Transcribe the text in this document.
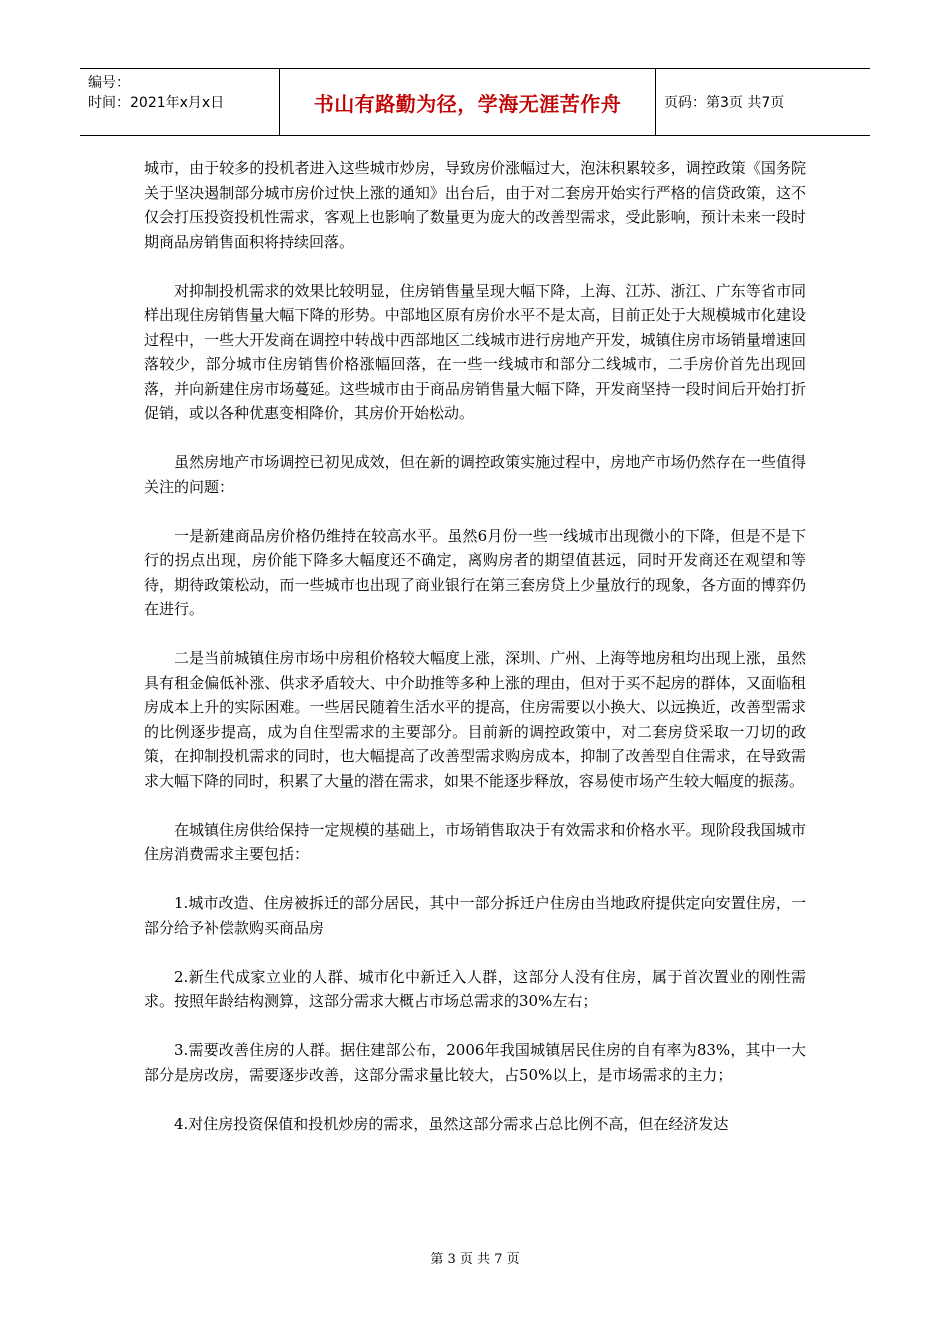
编号：
时间：2021年x月x日	书山有路勤为径，学海无涯苦作舟	页码：第3页 共7页

城市，由于较多的投机者进入这些城市炒房，导致房价涨幅过大，泡沫积累较多，调控政策《国务院关于坚决遏制部分城市房价过快上涨的通知》出台后，由于对二套房开始实行严格的信贷政策，这不仅会打压投资投机性需求，客观上也影响了数量更为庞大的改善型需求，受此影响，预计未来一段时期商品房销售面积将持续回落。

对抑制投机需求的效果比较明显，住房销售量呈现大幅下降，上海、江苏、浙江、广东等省市同样出现住房销售量大幅下降的形势。中部地区原有房价水平不是太高，目前正处于大规模城市化建设过程中，一些大开发商在调控中转战中西部地区二线城市进行房地产开发，城镇住房市场销量增速回落较少，部分城市住房销售价格涨幅回落，在一些一线城市和部分二线城市，二手房价首先出现回落，并向新建住房市场蔓延。这些城市由于商品房销售量大幅下降，开发商坚持一段时间后开始打折促销，或以各种优惠变相降价，其房价开始松动。

虽然房地产市场调控已初见成效，但在新的调控政策实施过程中，房地产市场仍然存在一些值得关注的问题：

一是新建商品房价格仍维持在较高水平。虽然6月份一些一线城市出现微小的下降，但是不是下行的拐点出现，房价能下降多大幅度还不确定，离购房者的期望值甚远，同时开发商还在观望和等待，期待政策松动，而一些城市也出现了商业银行在第三套房贷上少量放行的现象，各方面的博弈仍在进行。

二是当前城镇住房市场中房租价格较大幅度上涨，深圳、广州、上海等地房租均出现上涨，虽然具有租金偏低补涨、供求矛盾较大、中介助推等多种上涨的理由，但对于买不起房的群体，又面临租房成本上升的实际困难。一些居民随着生活水平的提高，住房需要以小换大、以远换近，改善型需求的比例逐步提高，成为自住型需求的主要部分。目前新的调控政策中，对二套房贷采取一刀切的政策，在抑制投机需求的同时，也大幅提高了改善型需求购房成本，抑制了改善型自住需求，在导致需求大幅下降的同时，积累了大量的潜在需求，如果不能逐步释放，容易使市场产生较大幅度的振荡。

在城镇住房供给保持一定规模的基础上，市场销售取决于有效需求和价格水平。现阶段我国城市住房消费需求主要包括：

1.城市改造、住房被拆迁的部分居民，其中一部分拆迁户住房由当地政府提供定向安置住房，一部分给予补偿款购买商品房

2.新生代成家立业的人群、城市化中新迁入人群，这部分人没有住房，属于首次置业的刚性需求。按照年龄结构测算，这部分需求大概占市场总需求的30%左右；

3.需要改善住房的人群。据住建部公布，2006年我国城镇居民住房的自有率为83%，其中一大部分是房改房，需要逐步改善，这部分需求量比较大，占50%以上，是市场需求的主力；

4.对住房投资保值和投机炒房的需求，虽然这部分需求占总比例不高，但在经济发达

第 3 页 共 7 页
